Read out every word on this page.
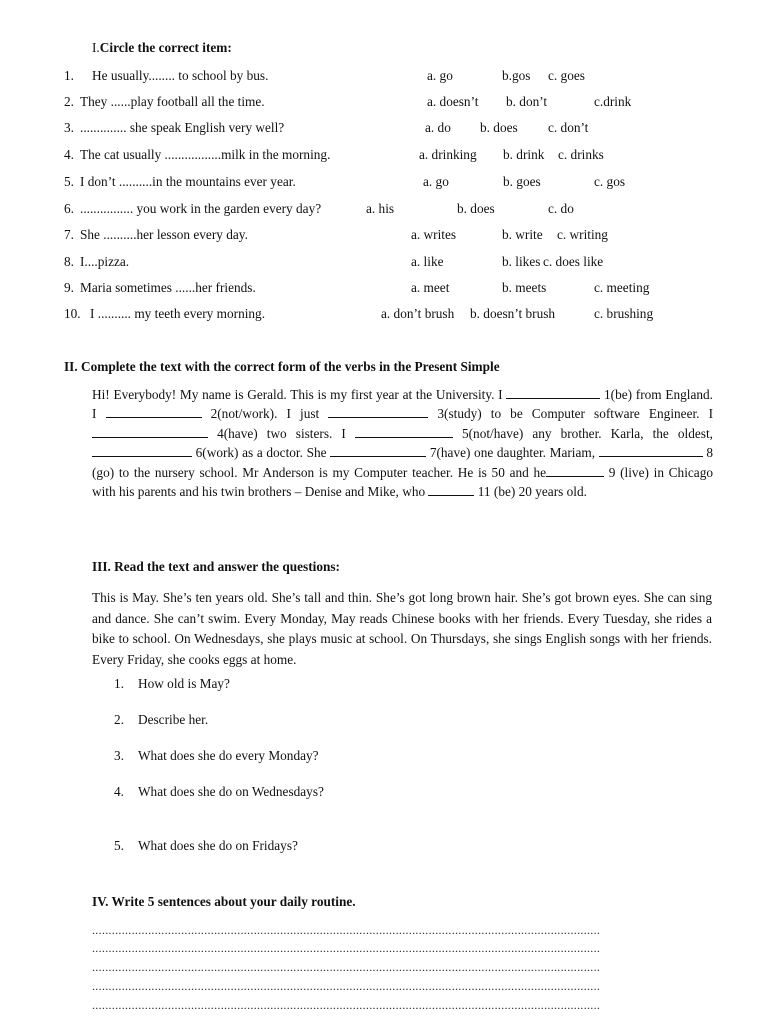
I.Circle the correct item:
1. He usually........ to school by bus.	a. go	b.gos c. goes
2. They ......play football all the time.	a. doesn’t b. don’t	c.drink
3. .............. she speak English very well?	a. do b. does c. don’t
4. The cat usually .................milk in the morning.	a. drinking b. drink c. drinks
5. I don’t ..........in the mountains ever year.	a. go	b. goes	c. gos
6. ................ you work in the garden every day?	a. his	b. does	c. do
7. She ..........her lesson every day.	a. writes	b. write c. writing
8. I....pizza.	a. like	b. likes c. does like
9. Maria sometimes ......her friends.	a. meet	b. meets	c. meeting
10. I .......... my teeth every morning.	a. don’t brush b. doesn’t brush	c. brushing
II. Complete the text with the correct form of the verbs in the Present Simple

Hi! Everybody! My name is Gerald. This is my first year at the University. I	1(be) from England. I	2(not/work). I just	3(study) to be Computer software Engineer. I  4(have) two sisters. I	5(not/have) any brother. Karla, the oldest,  6(work) as a doctor. She	7(have) one daughter. Mariam,	8 (go) to the nursery school. Mr Anderson is my Computer teacher. He is 50 and he	9 (live) in Chicago with his parents and his twin brothers – Denise and Mike, who	11 (be) 20 years old.

III. Read the text and answer the questions:
This is May. She’s ten years old. She’s tall and thin. She’s got long brown hair. She’s got brown eyes. She can sing and dance. She can’t swim. Every Monday, May reads Chinese books with her friends. Every Tuesday, she rides a bike to school. On Wednesdays, she plays music at school. On Thursdays, she sings English songs with her friends. Every Friday, she cooks eggs at home.
1. How old is May?
2. Describe her.
3. What does she do every Monday?
4. What does she do on Wednesdays?
5. What does she do on Fridays?
IV. Write 5 sentences about your daily routine.
..........................................................................................................................................................
..........................................................................................................................................................
..........................................................................................................................................................
..........................................................................................................................................................
..........................................................................................................................................................
